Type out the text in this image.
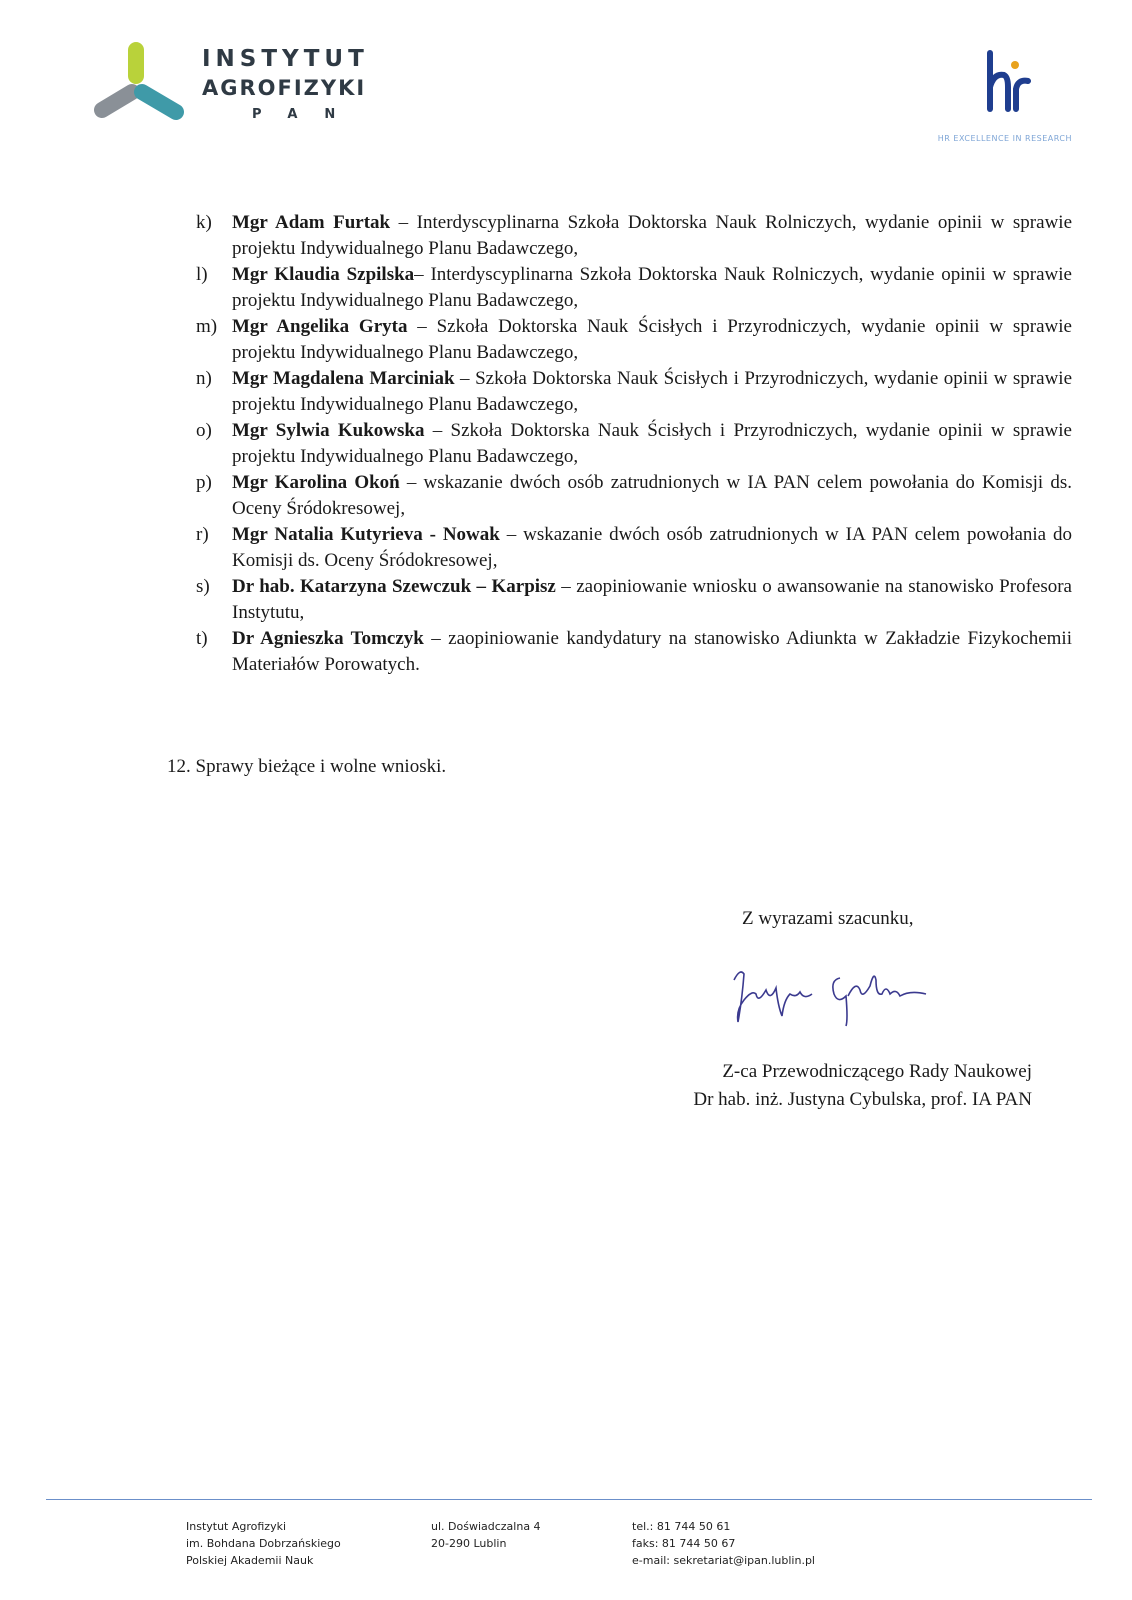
INSTYTUT
AGROFIZYKI
PAN
HR EXCELLENCE IN RESEARCH
k) Mgr Adam Furtak – Interdyscyplinarna Szkoła Doktorska Nauk Rolniczych, wydanie opinii w sprawie projektu Indywidualnego Planu Badawczego,
l) Mgr Klaudia Szpilska– Interdyscyplinarna Szkoła Doktorska Nauk Rolniczych, wydanie opinii w sprawie projektu Indywidualnego Planu Badawczego,
m) Mgr Angelika Gryta – Szkoła Doktorska Nauk Ścisłych i Przyrodniczych, wydanie opinii w sprawie projektu Indywidualnego Planu Badawczego,
n) Mgr Magdalena Marciniak – Szkoła Doktorska Nauk Ścisłych i Przyrodniczych, wydanie opinii w sprawie projektu Indywidualnego Planu Badawczego,
o) Mgr Sylwia Kukowska – Szkoła Doktorska Nauk Ścisłych i Przyrodniczych, wydanie opinii w sprawie projektu Indywidualnego Planu Badawczego,
p) Mgr Karolina Okoń – wskazanie dwóch osób zatrudnionych w IA PAN celem powołania do Komisji ds. Oceny Śródokresowej,
r) Mgr Natalia Kutyrieva - Nowak – wskazanie dwóch osób zatrudnionych w IA PAN celem powołania do Komisji ds. Oceny Śródokresowej,
s) Dr hab. Katarzyna Szewczuk – Karpisz – zaopiniowanie wniosku o awansowanie na stanowisko Profesora Instytutu,
t) Dr Agnieszka Tomczyk – zaopiniowanie kandydatury na stanowisko Adiunkta w Zakładzie Fizykochemii Materiałów Porowatych.
12. Sprawy bieżące i wolne wnioski.
Z wyrazami szacunku,
Z-ca Przewodniczącego Rady Naukowej
Dr hab. inż. Justyna Cybulska, prof. IA PAN
Instytut Agrofizyki
im. Bohdana Dobrzańskiego
Polskiej Akademii Nauk
ul. Doświadczalna 4
20-290 Lublin
tel.: 81 744 50 61
faks: 81 744 50 67
e-mail: sekretariat@ipan.lublin.pl
